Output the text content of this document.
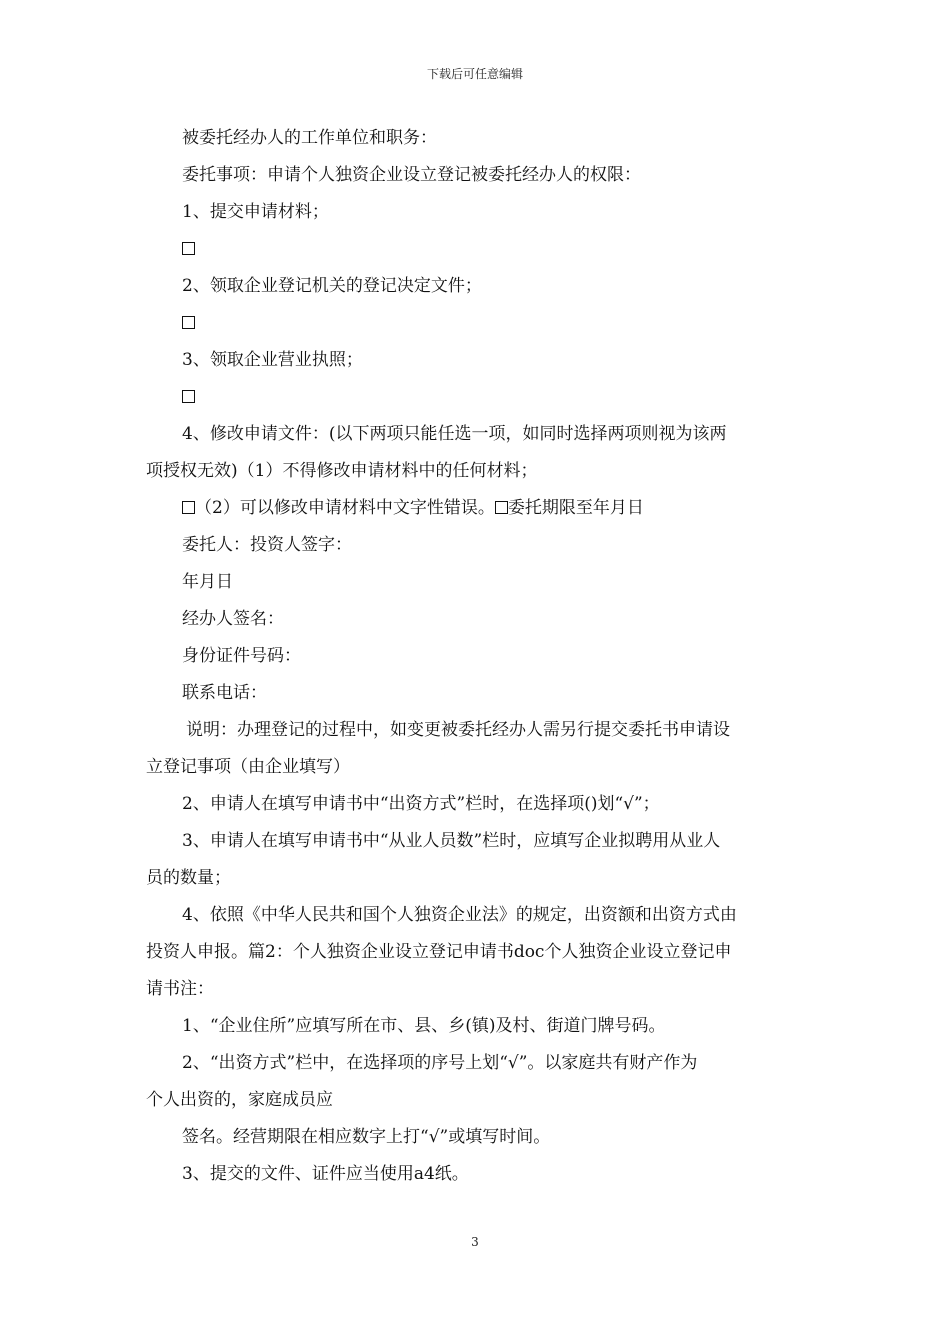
下载后可任意编辑
被委托经办人的工作单位和职务：
委托事项：申请个人独资企业设立登记被委托经办人的权限：
1、提交申请材料；
2、领取企业登记机关的登记决定文件；
3、领取企业营业执照；
4、修改申请文件：(以下两项只能任选一项，如同时选择两项则视为该两
项授权无效)（1）不得修改申请材料中的任何材料；
（2）可以修改申请材料中文字性错误。 委托期限至年月日
委托人：投资人签字：
年月日
经办人签名：
身份证件号码：
联系电话：
说明：办理登记的过程中，如变更被委托经办人需另行提交委托书申请设
立登记事项（由企业填写）
2、申请人在填写申请书中“出资方式”栏时，在选择项()划“√”；
3、申请人在填写申请书中“从业人员数”栏时，应填写企业拟聘用从业人
员的数量；
4、依照《中华人民共和国个人独资企业法》的规定，出资额和出资方式由
投资人申报。篇2：个人独资企业设立登记申请书doc个人独资企业设立登记申
请书注：
1、“企业住所”应填写所在市、县、乡(镇)及村、街道门牌号码。
2、“出资方式”栏中，在选择项的序号上划“√”。以家庭共有财产作为
个人出资的，家庭成员应
签名。经营期限在相应数字上打“√”或填写时间。
3、提交的文件、证件应当使用a4纸。
3
